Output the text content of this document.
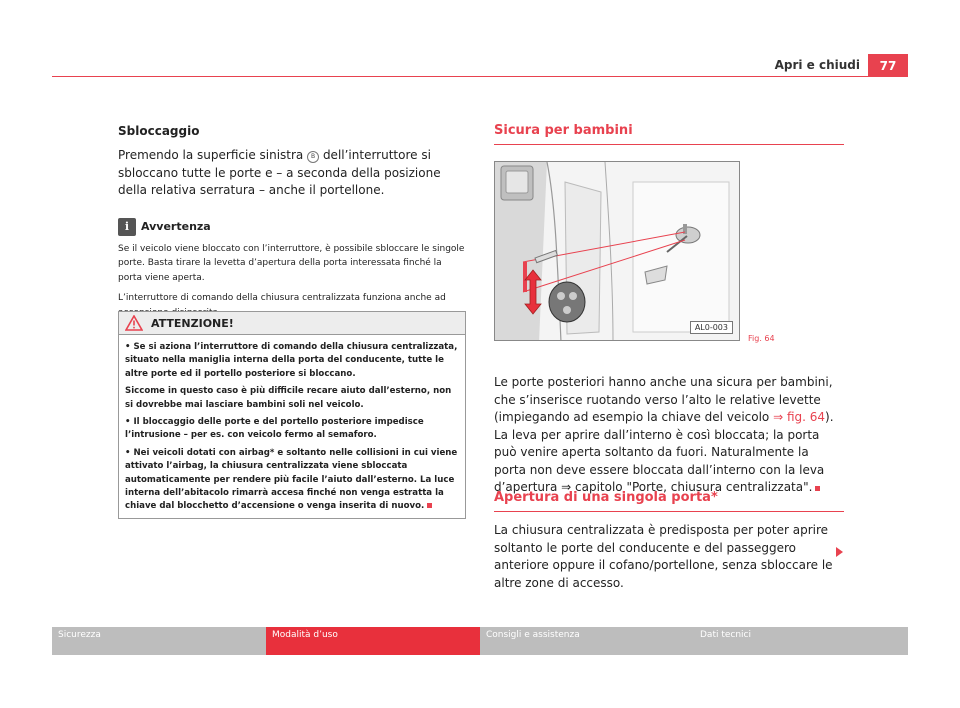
Apri e chiudi	77
Sbloccaggio

Premendo la superficie sinistra B dell’interruttore si sbloccano tutte le porte e – a seconda della posizione della relativa serratura – anche il portellone.

i	Avvertenza

Se il veicolo viene bloccato con l’interruttore, è possibile sbloccare le singole porte. Basta tirare la levetta d’apertura della porta interessata finché la porta viene aperta.

L’interruttore di comando della chiusura centralizzata funziona anche ad

ATTENZIONE!

• Se si aziona l’interruttore di comando della chiusura centralizzata, situato nella maniglia interna della porta del conducente, tutte le altre porte ed il portello posteriore si bloccano.

Siccome in questo caso è più difficile recare aiuto dall’esterno, non si dovrebbe mai lasciare bambini soli nel veicolo.

• Il bloccaggio delle porte e del portello posteriore impedisce l’intrusione – per es. con veicolo fermo al semaforo.

• Nei veicoli dotati con airbag* e soltanto nelle collisioni in cui viene attivato l’airbag, la chiusura centralizzata viene sbloccata automaticamente per rendere più facile l’aiuto dall’esterno. La luce interna dell’abitacolo rimarrà accesa finché non venga estratta la chiave dal blocchetto d’accensione o venga inserita di nuovo.

Sicura per bambini
AL0-003
Fig. 64

Le porte posteriori hanno anche una sicura per bambini, che s’inserisce ruotando verso l’alto le relative levette (impiegando ad esempio la chiave del veicolo ⇒ fig. 64). La leva per aprire dall’interno è così bloccata; la porta può venire aperta soltanto da fuori. Naturalmente la porta non deve essere bloccata dall’interno con la leva d’apertura ⇒ capitolo "Porte, chiusura centralizzata".

Apertura di una singola porta*

La chiusura centralizzata è predisposta per poter aprire soltanto le porte del conducente e del passeggero anteriore oppure il cofano/portellone, senza sbloccare le altre zone di accesso.

Sicurezza	Modalità d’uso	Consigli e assistenza	Dati tecnici
